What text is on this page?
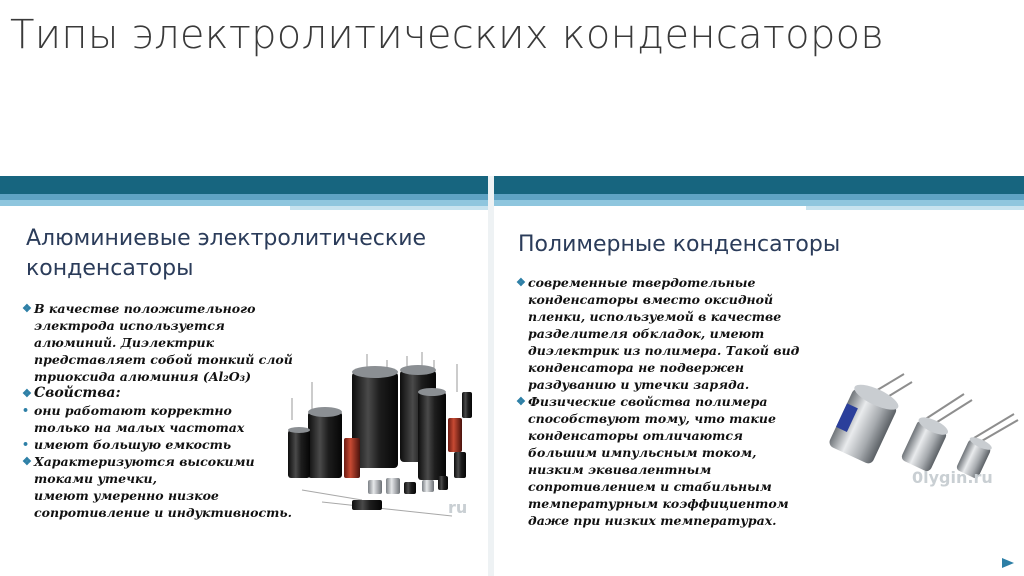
Типы электролитических конденсаторов
Алюминиевые электролитические
конденсаторы
❖ В качестве положительного
электрода используется
алюминий. Диэлектрик
представляет собой тонкий слой
триоксида алюминия (Al₂O₃)
❖ Свойства:
• они работают корректно
только на малых частотах
• имеют большую емкость
❖ Характеризуются высокими
токами утечки,
имеют умеренно низкое
сопротивление и индуктивность.	ru
Полимерные конденсаторы
❖ современные твердотельные
конденсаторы вместо оксидной
пленки, используемой в качестве
разделителя обкладок, имеют
диэлектрик из полимера. Такой вид
конденсатора не подвержен
раздуванию и утечки заряда.
❖ Физические свойства полимера
способствуют тому, что такие
конденсаторы отличаются
большим импульсным током,
низким эквивалентным
сопротивлением и стабильным
температурным коэффициентом
даже при низких температурах.
0lygin.ru
